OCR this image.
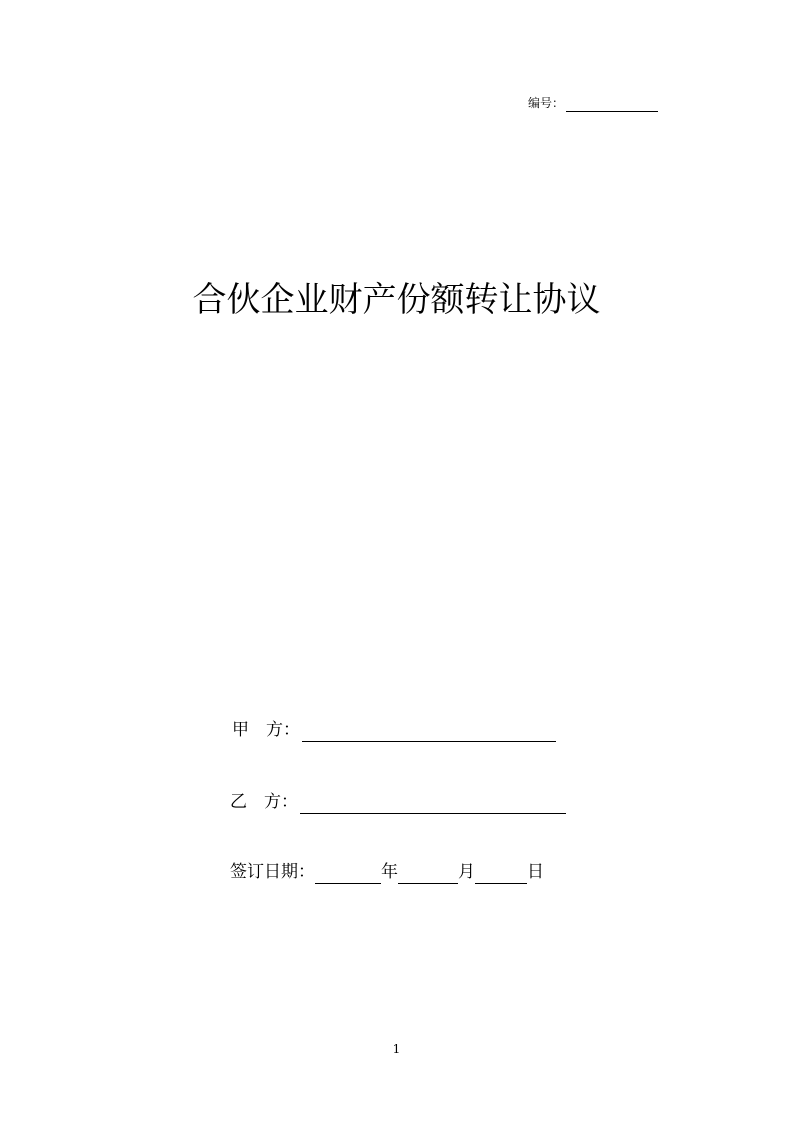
编号：
合伙企业财产份额转让协议
甲　方：
乙　方：
签订日期：	年	月	日
1
